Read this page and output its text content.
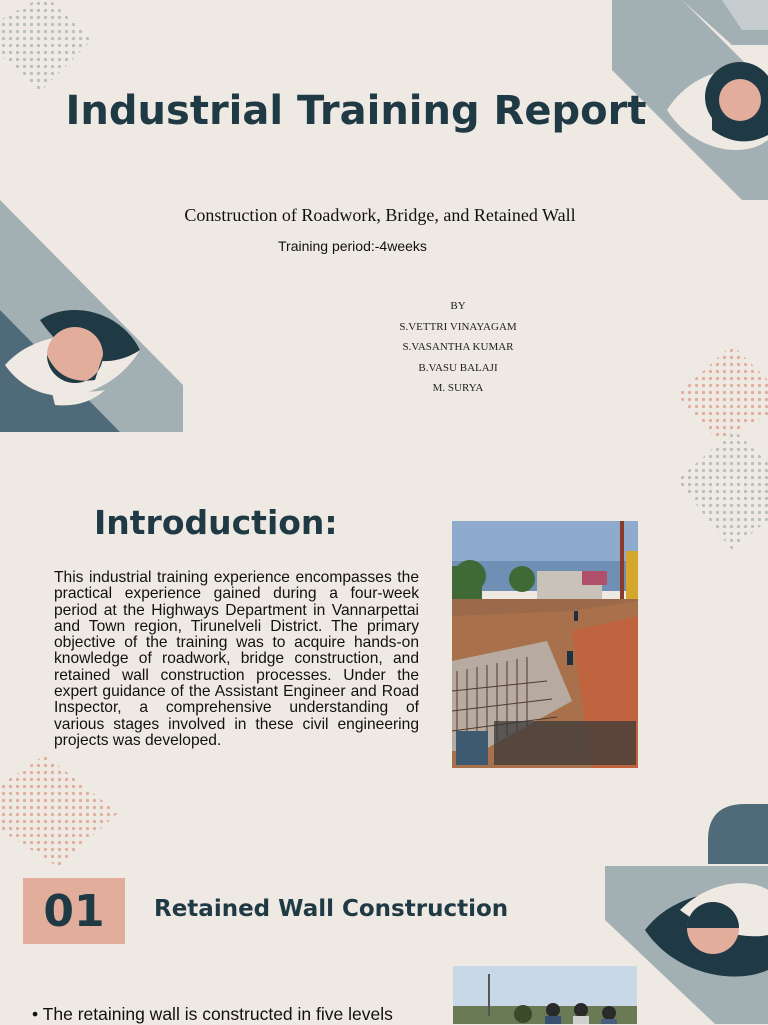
Industrial Training Report
Construction of Roadwork, Bridge, and Retained Wall
Training period:-4weeks
BY
S.VETTRI VINAYAGAM
S.VASANTHA KUMAR
B.VASU BALAJI
M. SURYA
Introduction:
This industrial training experience encompasses the practical experience gained during a four-week period at the Highways Department in Vannarpettai and Town region, Tirunelveli District. The primary objective of the training was to acquire hands-on knowledge of roadwork, bridge construction, and retained wall construction processes. Under the expert guidance of the Assistant Engineer and Road Inspector, a comprehensive understanding of various stages involved in these civil engineering projects was developed.
01	Retained Wall Construction
• The retaining wall is constructed in five levels
